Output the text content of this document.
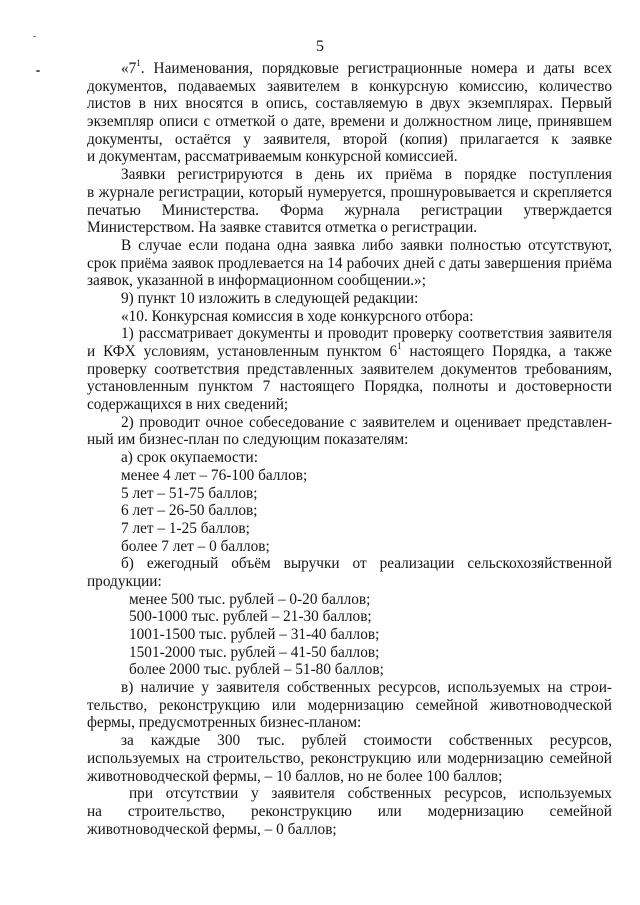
5
«$7^1$. Наименования, порядковые регистрационные номера и даты всех
документов, подаваемых заявителем в конкурсную комиссию, количество
листов в них вносятся в опись, составляемую в двух экземплярах. Первый
экземпляр описи с отметкой о дате, времени и должностном лице, принявшем
документы, остаётся у заявителя, второй (копия) прилагается к заявке
и документам, рассматриваемым конкурсной комиссией.
Заявки регистрируются в день их приёма в порядке поступления
в журнале регистрации, который нумеруется, прошнуровывается и скрепляется
печатью Министерства. Форма журнала регистрации утверждается
Министерством. На заявке ставится отметка о регистрации.
В случае если подана одна заявка либо заявки полностью отсутствуют,
срок приёма заявок продлевается на 14 рабочих дней с даты завершения приёма
заявок, указанной в информационном сообщении.»;
9) пункт 10 изложить в следующей редакции:
«10. Конкурсная комиссия в ходе конкурсного отбора:
1) рассматривает документы и проводит проверку соответствия заявителя
и КФХ условиям, установленным пунктом $6^1$ настоящего Порядка, а также
проверку соответствия представленных заявителем документов требованиям,
установленным пунктом 7 настоящего Порядка, полноты и достоверности
содержащихся в них сведений;
2) проводит очное собеседование с заявителем и оценивает представлен-
ный им бизнес-план по следующим показателям:
а) срок окупаемости:
менее 4 лет – 76-100 баллов;
5 лет – 51-75 баллов;
6 лет – 26-50 баллов;
7 лет – 1-25 баллов;
более 7 лет – 0 баллов;
б) ежегодный объём выручки от реализации сельскохозяйственной
продукции:
менее 500 тыс. рублей – 0-20 баллов;
500-1000 тыс. рублей – 21-30 баллов;
1001-1500 тыс. рублей – 31-40 баллов;
1501-2000 тыс. рублей – 41-50 баллов;
более 2000 тыс. рублей – 51-80 баллов;
в) наличие у заявителя собственных ресурсов, используемых на строи-
тельство, реконструкцию или модернизацию семейной животноводческой
фермы, предусмотренных бизнес-планом:
за каждые 300 тыс. рублей стоимости собственных ресурсов,
используемых на строительство, реконструкцию или модернизацию семейной
животноводческой фермы, – 10 баллов, но не более 100 баллов;
при отсутствии у заявителя собственных ресурсов, используемых
на строительство, реконструкцию или модернизацию семейной
животноводческой фермы, – 0 баллов;
